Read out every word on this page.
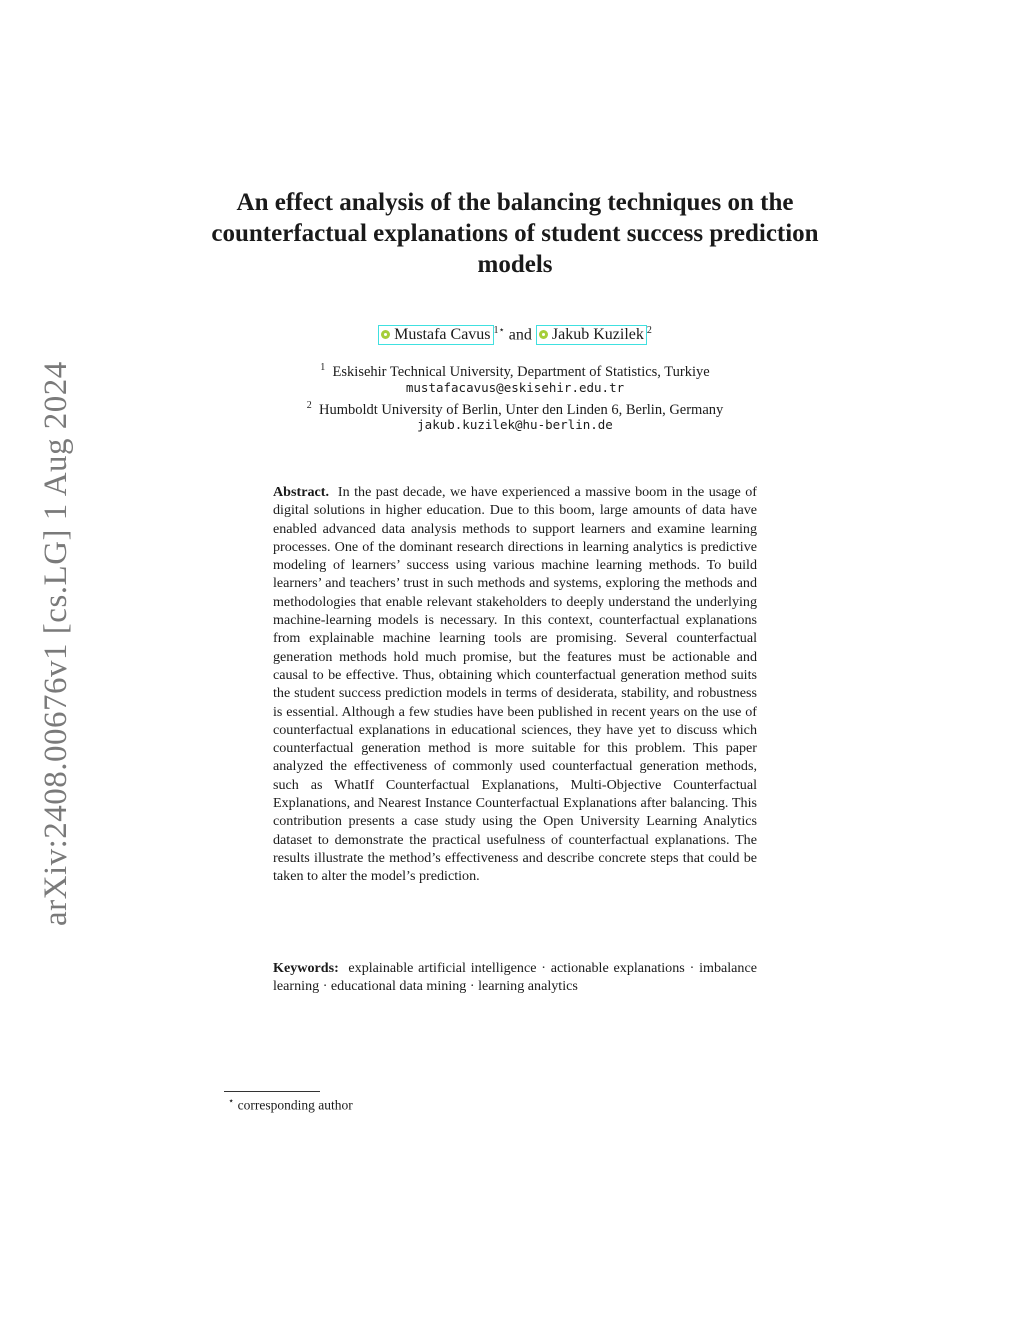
arXiv:2408.00676v1 [cs.LG] 1 Aug 2024
An effect analysis of the balancing techniques on the counterfactual explanations of student success prediction models
Mustafa Cavus $^{1⋆}$ and Jakub Kuzilek $^2$
$^1$ Eskisehir Technical University, Department of Statistics, Turkiye
mustafacavus@eskisehir.edu.tr
$^2$ Humboldt University of Berlin, Unter den Linden 6, Berlin, Germany
jakub.kuzilek@hu-berlin.de
Abstract. In the past decade, we have experienced a massive boom in the usage of digital solutions in higher education. Due to this boom, large amounts of data have enabled advanced data analysis methods to support learners and examine learning processes. One of the dominant research directions in learning analytics is predictive modeling of learners’ success using various machine learning methods. To build learners’ and teachers’ trust in such methods and systems, exploring the methods and methodologies that enable relevant stakeholders to deeply understand the underlying machine-learning models is necessary. In this context, counterfactual explanations from explainable machine learning tools are promising. Several counterfactual generation methods hold much promise, but the features must be actionable and causal to be effective. Thus, obtaining which counterfactual generation method suits the student success prediction models in terms of desiderata, stability, and robustness is essential. Although a few studies have been published in recent years on the use of counterfactual explanations in educational sciences, they have yet to discuss which counterfactual generation method is more suitable for this problem. This paper analyzed the effectiveness of commonly used counterfactual generation methods, such as WhatIf Counterfactual Explanations, Multi-Objective Counterfactual Explanations, and Nearest Instance Counterfactual Explanations after balancing. This contribution presents a case study using the Open University Learning Analytics dataset to demonstrate the practical usefulness of counterfactual explanations. The results illustrate the method’s effectiveness and describe concrete steps that could be taken to alter the model’s prediction.
Keywords: explainable artificial intelligence · actionable explanations · imbalance learning · educational data mining · learning analytics
⋆ corresponding author
